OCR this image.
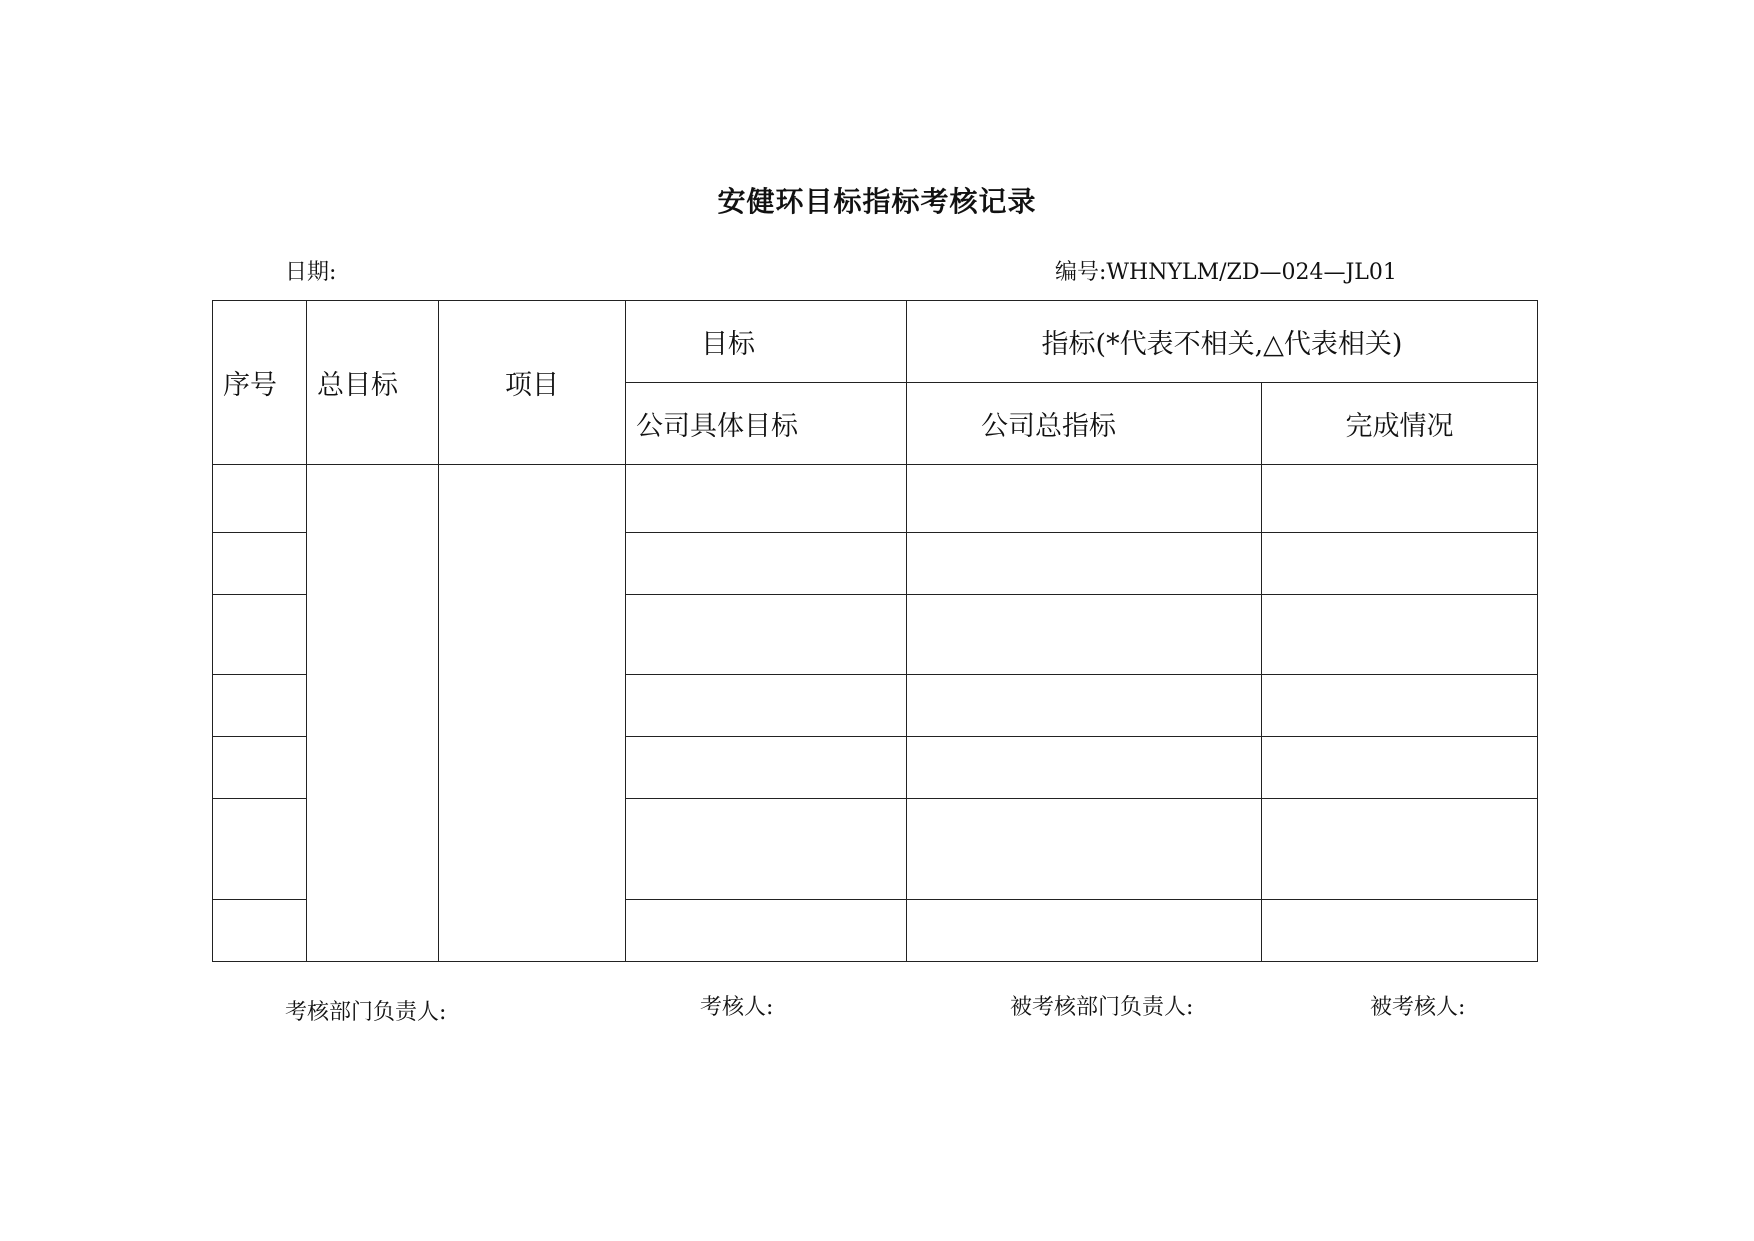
安健环目标指标考核记录
日期:	编号:WHNYLM/ZD—024—JL01
序号	总目标	项目	目标	指标(*代表不相关,△代表相关)	
			公司具体目标	公司总指标	完成情况

考核部门负责人:	考核人:	被考核部门负责人:	被考核人:
